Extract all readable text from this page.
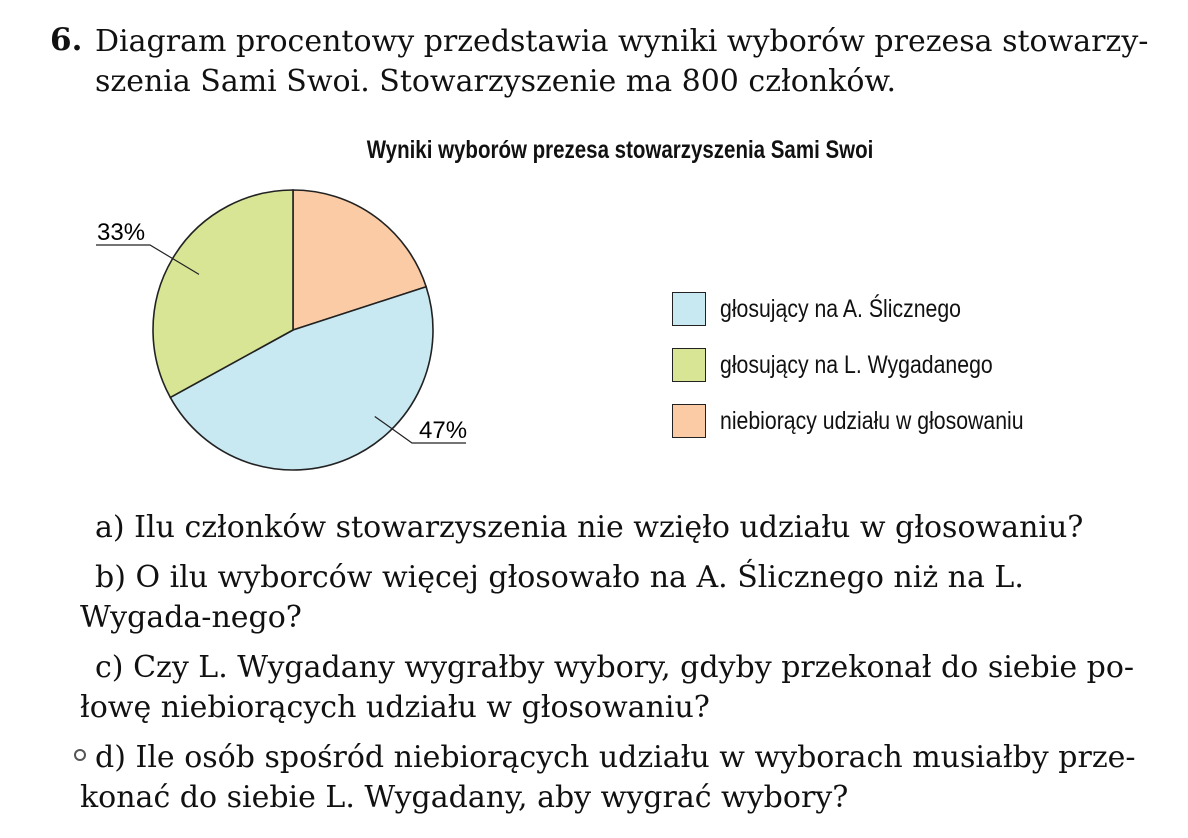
6. Diagram procentowy przedstawia wyniki wyborów prezesa stowarzy-szenia Sami Swoi. Stowarzyszenie ma 800 członków.
Wyniki wyborów prezesa stowarzyszenia Sami Swoi
33%
47%
głosujący na A. Ślicznego
głosujący na L. Wygadanego
niebiorący udziału w głosowaniu
a) Ilu członków stowarzyszenia nie wzięło udziału w głosowaniu?
b) O ilu wyborców więcej głosowało na A. Ślicznego niż na L. Wygada-nego?
c) Czy L. Wygadany wygrałby wybory, gdyby przekonał do siebie po-łowę niebiorących udziału w głosowaniu?
d) Ile osób spośród niebiorących udziału w wyborach musiałby prze-konać do siebie L. Wygadany, aby wygrać wybory?
